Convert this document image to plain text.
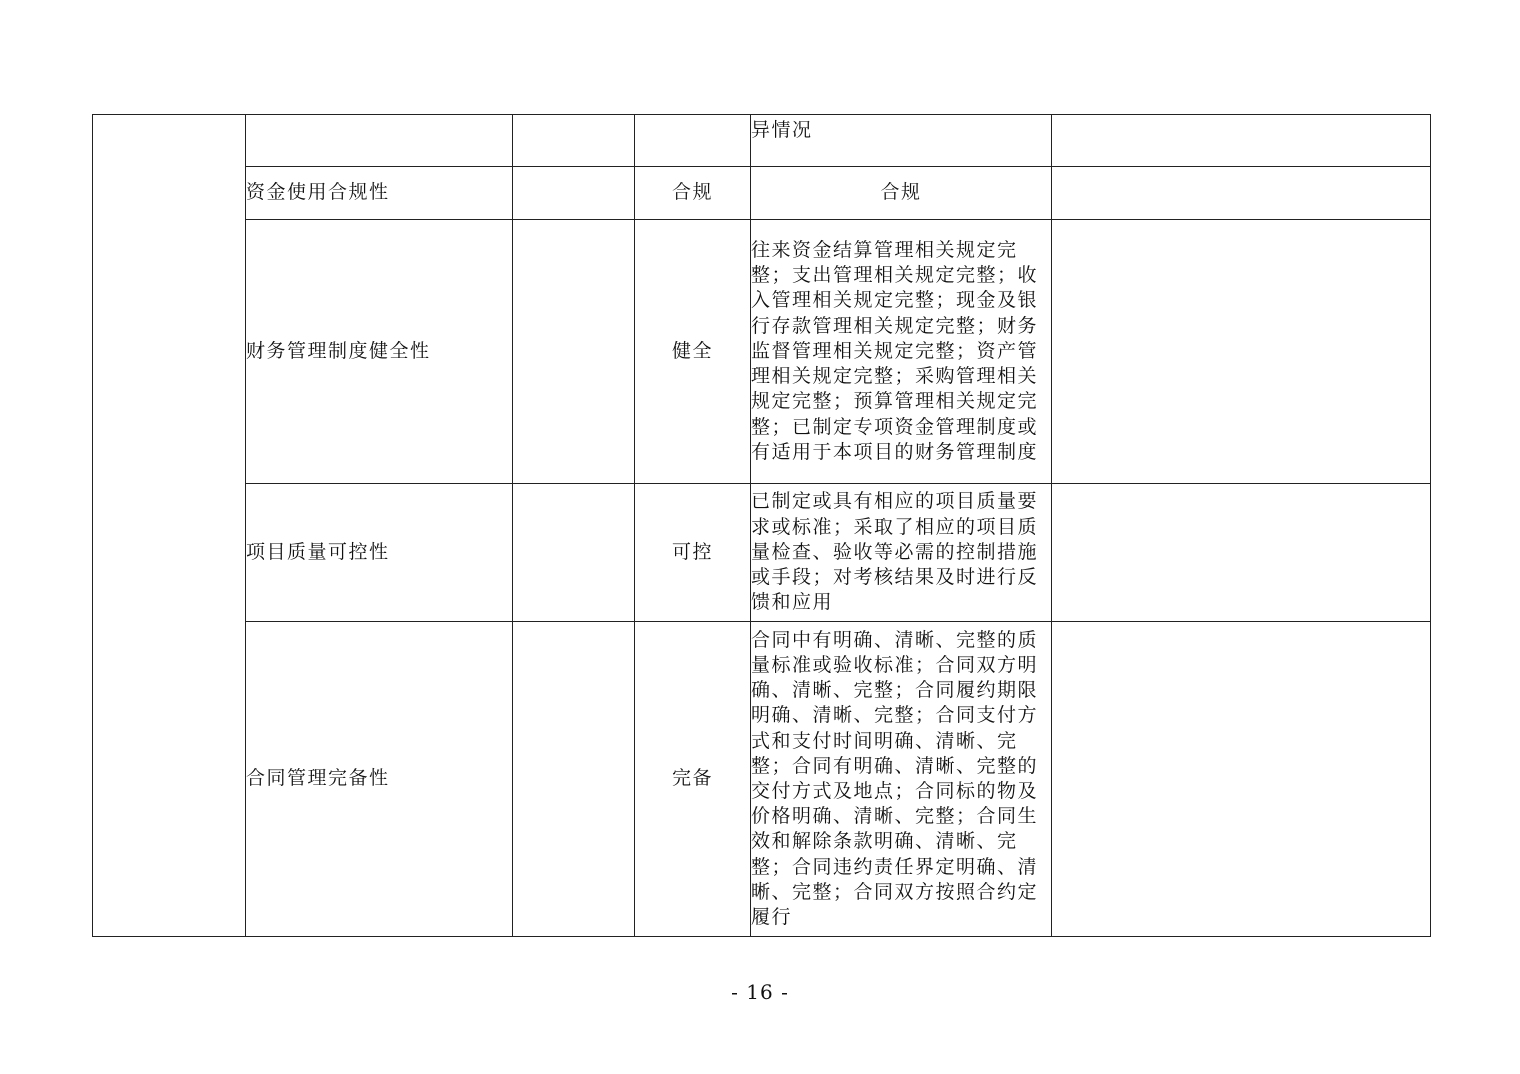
				异情况	
	资金使用合规性		合规	合规	
	财务管理制度健全性		健全	往来资金结算管理相关规定完整；支出管理相关规定完整；收入管理相关规定完整；现金及银行存款管理相关规定完整；财务监督管理相关规定完整；资产管理相关规定完整；采购管理相关规定完整；预算管理相关规定完整；已制定专项资金管理制度或有适用于本项目的财务管理制度	
	项目质量可控性		可控	已制定或具有相应的项目质量要求或标准；采取了相应的项目质量检查、验收等必需的控制措施或手段；对考核结果及时进行反馈和应用	
	合同管理完备性		完备	合同中有明确、清晰、完整的质量标准或验收标准；合同双方明确、清晰、完整；合同履约期限明确、清晰、完整；合同支付方式和支付时间明确、清晰、完整；合同有明确、清晰、完整的交付方式及地点；合同标的物及价格明确、清晰、完整；合同生效和解除条款明确、清晰、完整；合同违约责任界定明确、清晰、完整；合同双方按照合约定履行	
- 16 -
